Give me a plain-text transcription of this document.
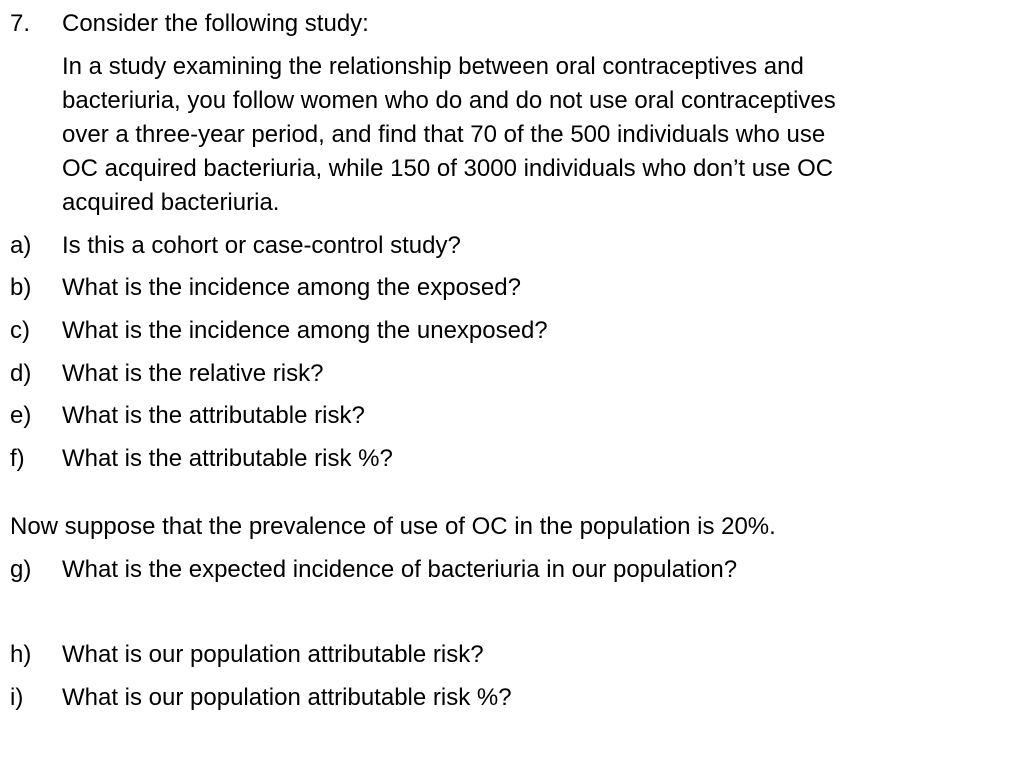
7. Consider the following study:
In a study examining the relationship between oral contraceptives and
bacteriuria, you follow women who do and do not use oral contraceptives
over a three-year period, and find that 70 of the 500 individuals who use
OC acquired bacteriuria, while 150 of 3000 individuals who don’t use OC
acquired bacteriuria.
a) Is this a cohort or case-control study?
b) What is the incidence among the exposed?
c) What is the incidence among the unexposed?
d) What is the relative risk?
e) What is the attributable risk?
f) What is the attributable risk %?
Now suppose that the prevalence of use of OC in the population is 20%.
g) What is the expected incidence of bacteriuria in our population?
h) What is our population attributable risk?
i) What is our population attributable risk %?
